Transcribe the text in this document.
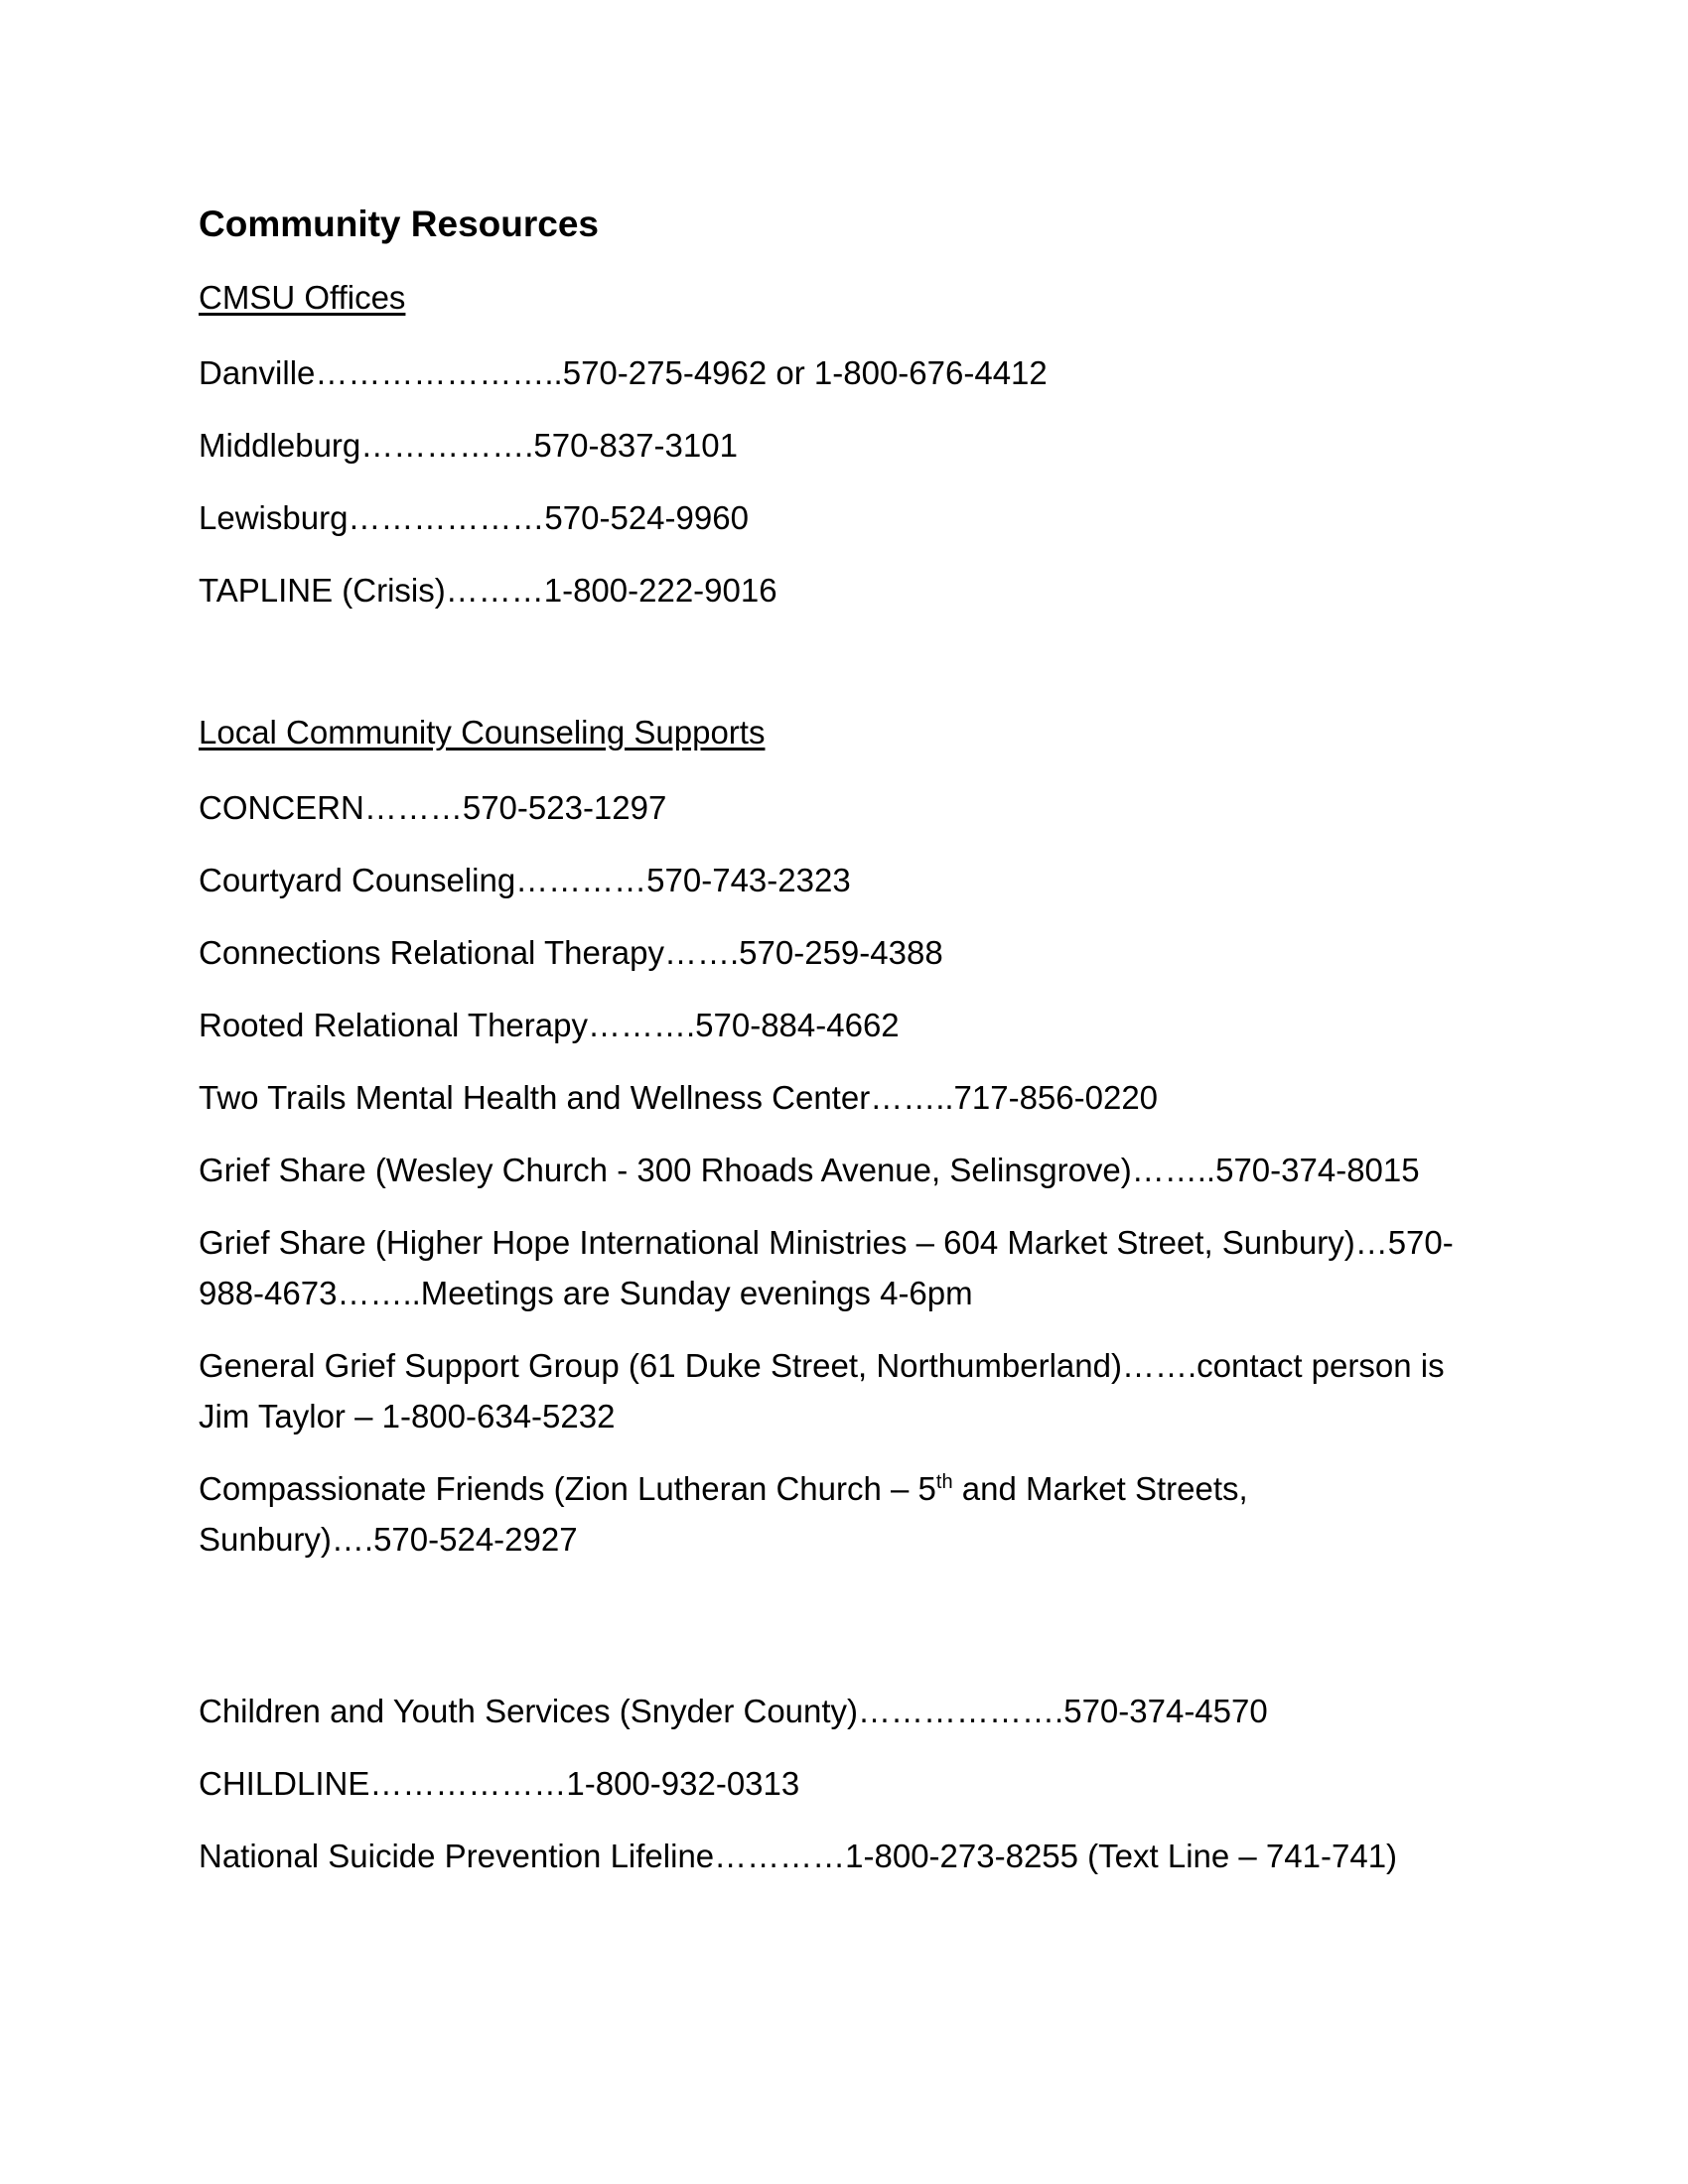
Community Resources
CMSU Offices
Danville…………………..570-275-4962 or 1-800-676-4412
Middleburg…………….570-837-3101
Lewisburg………………570-524-9960
TAPLINE (Crisis)………1-800-222-9016
Local Community Counseling Supports
CONCERN………570-523-1297
Courtyard Counseling…………570-743-2323
Connections Relational Therapy…….570-259-4388
Rooted Relational Therapy……….570-884-4662
Two Trails Mental Health and Wellness Center……..717-856-0220
Grief Share (Wesley Church - 300 Rhoads Avenue, Selinsgrove)……..570-374-8015
Grief Share (Higher Hope International Ministries – 604 Market Street, Sunbury)…570-988-4673……..Meetings are Sunday evenings 4-6pm
General Grief Support Group (61 Duke Street, Northumberland)…….contact person is Jim Taylor – 1-800-634-5232
Compassionate Friends (Zion Lutheran Church – 5th and Market Streets, Sunbury)….570-524-2927
Children and Youth Services (Snyder County)……………….570-374-4570
CHILDLINE………………1-800-932-0313
National Suicide Prevention Lifeline…………1-800-273-8255 (Text Line – 741-741)
